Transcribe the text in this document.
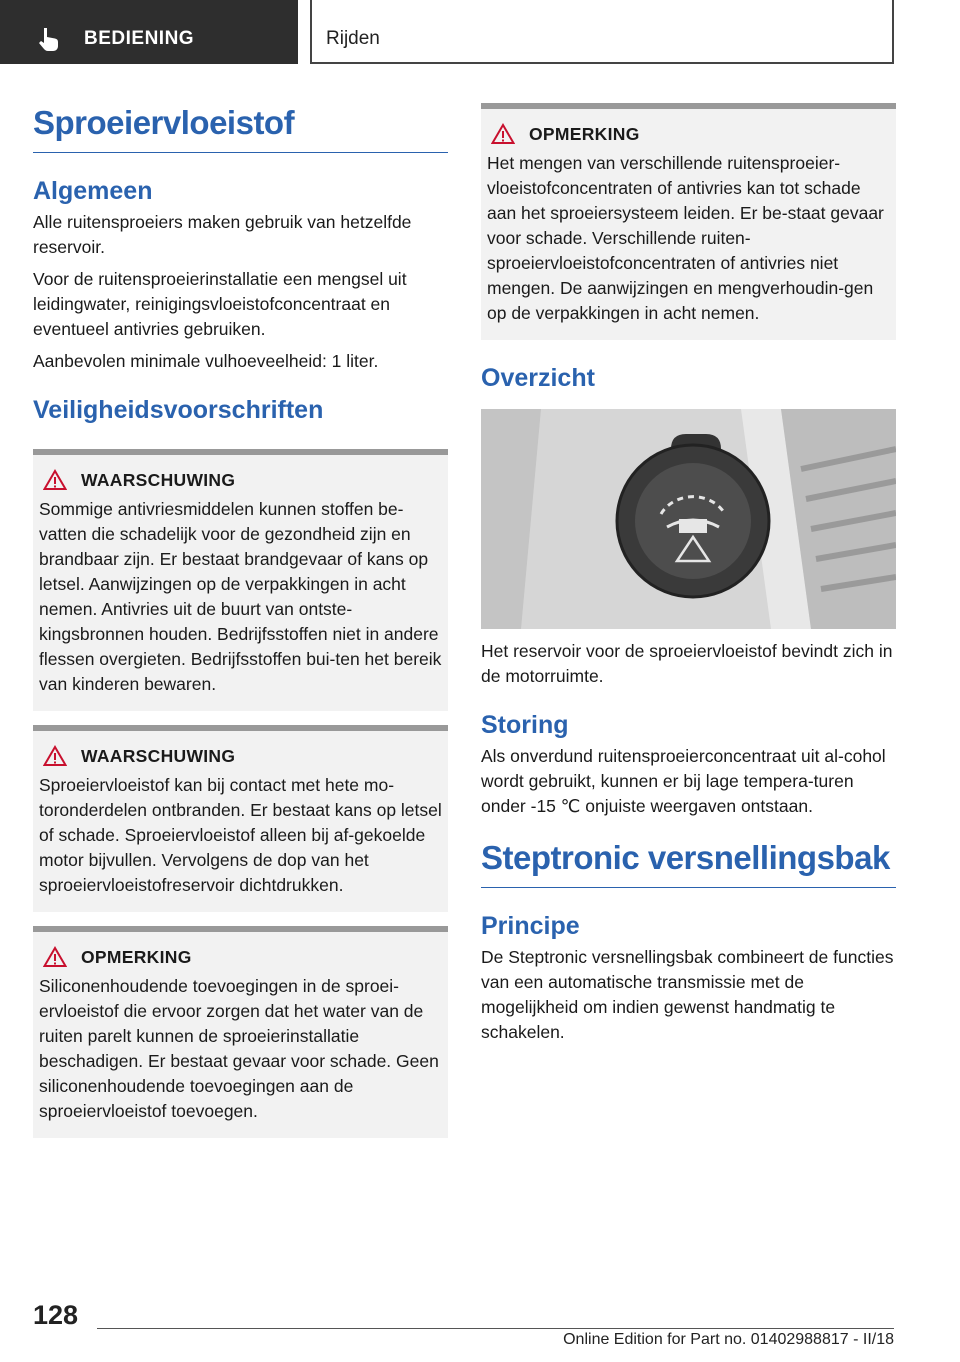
BEDIENING	Rijden
Sproeiervloeistof
Algemeen

Alle ruitensproeiers maken gebruik van hetzelfde reservoir.

Voor de ruitensproeierinstallatie een mengsel uit leidingwater, reinigingsvloeistofconcentraat en eventueel antivries gebruiken.

Aanbevolen minimale vulhoeveelheid: 1 liter.

Veiligheidsvoorschriften
WAARSCHUWING

Sommige antivriesmiddelen kunnen stoffen be-vatten die schadelijk voor de gezondheid zijn en brandbaar zijn. Er bestaat brandgevaar of kans op letsel. Aanwijzingen op de verpakkingen in acht nemen. Antivries uit de buurt van ontste-kingsbronnen houden. Bedrijfsstoffen niet in andere flessen overgieten. Bedrijfsstoffen bui-ten het bereik van kinderen bewaren.

WAARSCHUWING

Sproeiervloeistof kan bij contact met hete mo-toronderdelen ontbranden. Er bestaat kans op letsel of schade. Sproeiervloeistof alleen bij af-gekoelde motor bijvullen. Vervolgens de dop van het sproeiervloeistofreservoir dichtdrukken.

OPMERKING

Siliconenhoudende toevoegingen in de sproei-ervloeistof die ervoor zorgen dat het water van de ruiten parelt kunnen de sproeierinstallatie beschadigen. Er bestaat gevaar voor schade. Geen siliconenhoudende toevoegingen aan de sproeiervloeistof toevoegen.

OPMERKING

Het mengen van verschillende ruitensproeier-vloeistofconcentraten of antivries kan tot schade aan het sproeiersysteem leiden. Er be-staat gevaar voor schade. Verschillende ruiten-sproeiervloeistofconcentraten of antivries niet mengen. De aanwijzingen en mengverhoudin-gen op de verpakkingen in acht nemen.

Overzicht

Het reservoir voor de sproeiervloeistof bevindt zich in de motorruimte.

Storing

Als onverdund ruitensproeierconcentraat uit al-cohol wordt gebruikt, kunnen er bij lage tempera-turen onder -15 ℃ onjuiste weergaven ontstaan.

Steptronic versnellingsbak
Principe

De Steptronic versnellingsbak combineert de functies van een automatische transmissie met de mogelijkheid om indien gewenst handmatig te schakelen.

128
Online Edition for Part no. 01402988817 - II/18
